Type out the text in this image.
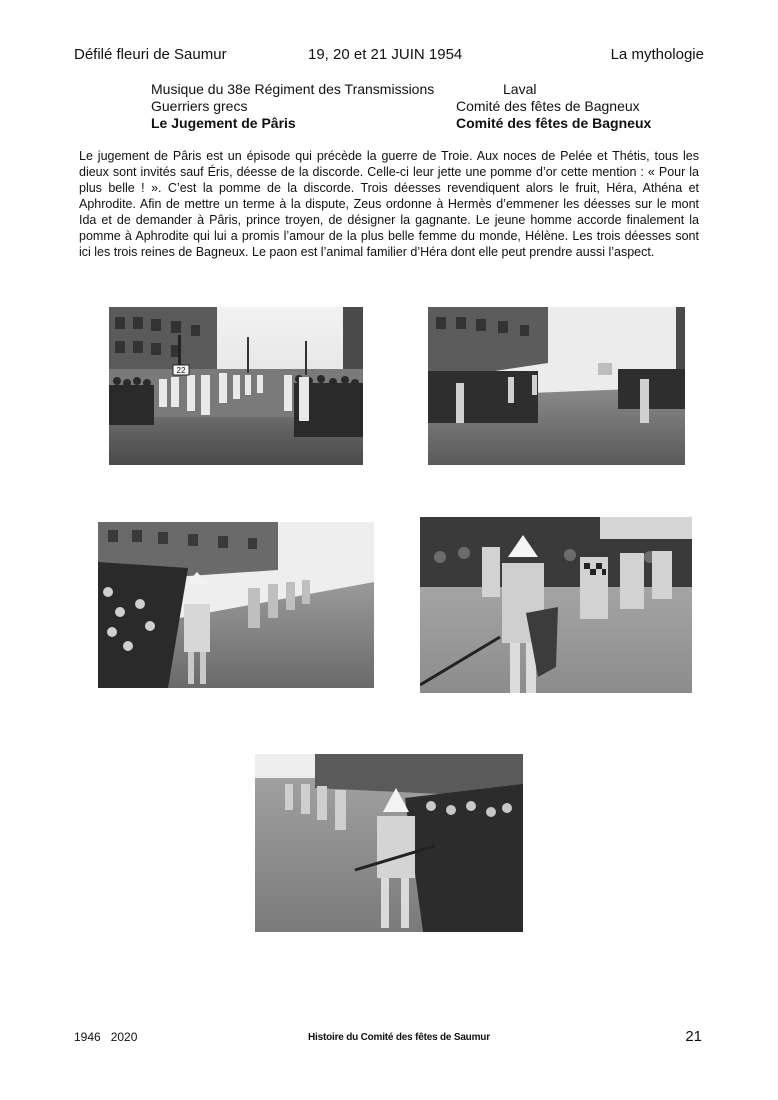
Défilé fleuri de Saumur	19, 20 et 21 JUIN 1954	La mythologie
Musique du 38e Régiment des Transmissions	Laval
Guerriers grecs	Comité des fêtes de Bagneux
Le Jugement de Pâris	Comité des fêtes de Bagneux

Le jugement de Pâris est un épisode qui précède la guerre de Troie. Aux noces de Pelée et Thétis, tous les dieux sont invités sauf Éris, déesse de la discorde. Celle-ci leur jette une pomme d’or cette mention : « Pour la plus belle ! ». C’est la pomme de la discorde. Trois déesses revendiquent alors le fruit, Héra, Athéna et Aphrodite. Afin de mettre un terme à la dispute, Zeus ordonne à Hermès d’emmener les déesses sur le mont Ida et de demander à Pâris, prince troyen, de désigner la gagnante. Le jeune homme accorde finalement la pomme à Aphrodite qui lui a promis l’amour de la plus belle femme du monde, Hélène. Les trois déesses sont ici les trois reines de Bagneux. Le paon est l’animal familier d’Héra dont elle peut prendre aussi l’aspect.

22
1946   2020	Histoire du Comité des fêtes de Saumur	21
